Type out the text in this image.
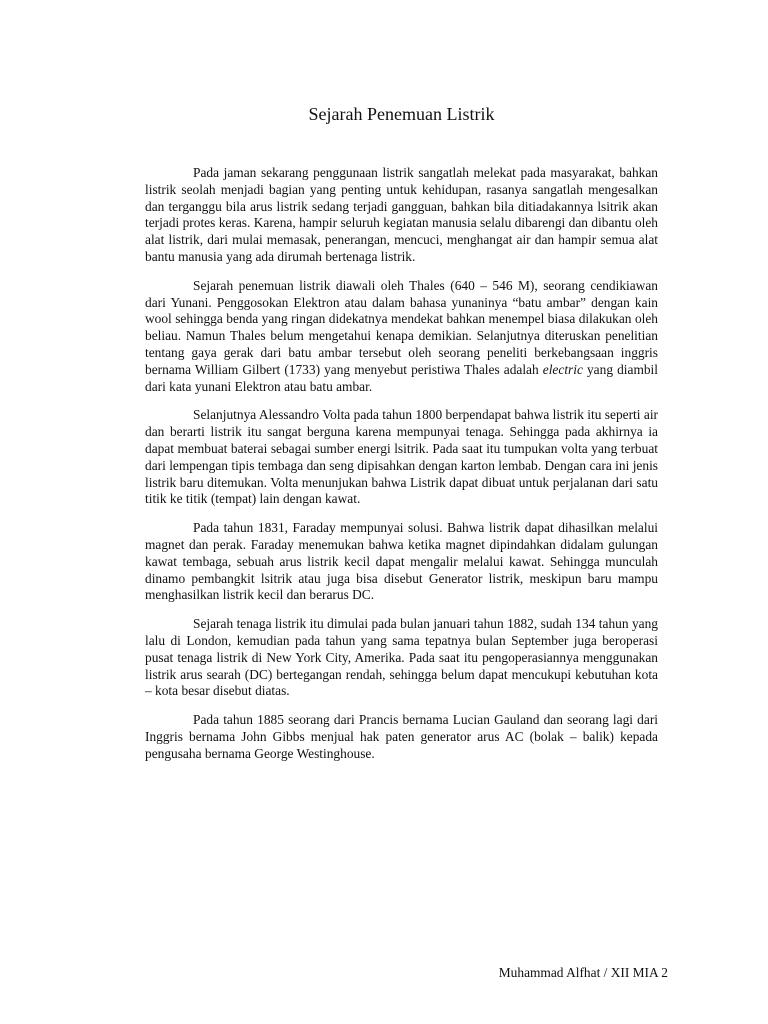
Sejarah Penemuan Listrik

Pada jaman sekarang penggunaan listrik sangatlah melekat pada masyarakat, bahkan listrik seolah menjadi bagian yang penting untuk kehidupan, rasanya sangatlah mengesalkan dan terganggu bila arus listrik sedang terjadi gangguan, bahkan bila ditiadakannya lsitrik akan terjadi protes keras. Karena, hampir seluruh kegiatan manusia selalu dibarengi dan dibantu oleh alat listrik, dari mulai memasak, penerangan, mencuci, menghangat air dan hampir semua alat bantu manusia yang ada dirumah bertenaga listrik.

Sejarah penemuan listrik diawali oleh Thales (640 – 546 M), seorang cendikiawan dari Yunani. Penggosokan Elektron atau dalam bahasa yunaninya “batu ambar” dengan kain wool sehingga benda yang ringan didekatnya mendekat bahkan menempel biasa dilakukan oleh beliau. Namun Thales belum mengetahui kenapa demikian. Selanjutnya diteruskan penelitian tentang gaya gerak dari batu ambar tersebut oleh seorang peneliti berkebangsaan inggris bernama William Gilbert (1733) yang menyebut peristiwa Thales adalah electric yang diambil dari kata yunani Elektron atau batu ambar.

Selanjutnya Alessandro Volta pada tahun 1800 berpendapat bahwa listrik itu seperti air dan berarti listrik itu sangat berguna karena mempunyai tenaga. Sehingga pada akhirnya ia dapat membuat baterai sebagai sumber energi lsitrik. Pada saat itu tumpukan volta yang terbuat dari lempengan tipis tembaga dan seng dipisahkan dengan karton lembab. Dengan cara ini jenis listrik baru ditemukan. Volta menunjukan bahwa Listrik dapat dibuat untuk perjalanan dari satu titik ke titik (tempat) lain dengan kawat.

Pada tahun 1831, Faraday mempunyai solusi. Bahwa listrik dapat dihasilkan melalui magnet dan perak. Faraday menemukan bahwa ketika magnet dipindahkan didalam gulungan kawat tembaga, sebuah arus listrik kecil dapat mengalir melalui kawat. Sehingga munculah dinamo pembangkit lsitrik atau juga bisa disebut Generator listrik, meskipun baru mampu menghasilkan listrik kecil dan berarus DC.

Sejarah tenaga listrik itu dimulai pada bulan januari tahun 1882, sudah 134 tahun yang lalu di London, kemudian pada tahun yang sama tepatnya bulan September juga beroperasi pusat tenaga listrik di New York City, Amerika. Pada saat itu pengoperasiannya menggunakan listrik arus searah (DC) bertegangan rendah, sehingga belum dapat mencukupi kebutuhan kota – kota besar disebut diatas.

Pada tahun 1885 seorang dari Prancis bernama Lucian Gauland dan seorang lagi dari Inggris bernama John Gibbs menjual hak paten generator arus AC (bolak – balik) kepada pengusaha bernama George Westinghouse.

Muhammad Alfhat / XII MIA 2
